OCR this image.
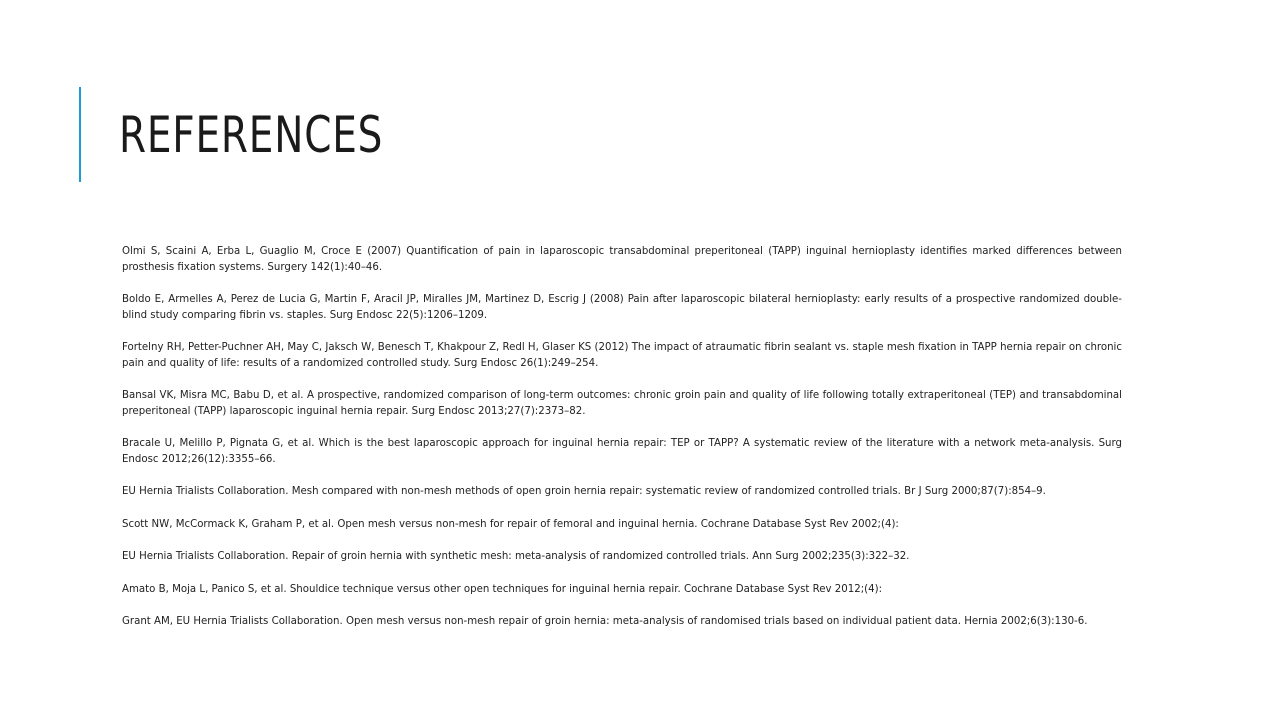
REFERENCES
Olmi S, Scaini A, Erba L, Guaglio M, Croce E (2007) Quantification of pain in laparoscopic transabdominal preperitoneal (TAPP) inguinal hernioplasty identifies marked differences between prosthesis fixation systems. Surgery 142(1):40–46.
Boldo E, Armelles A, Perez de Lucia G, Martin F, Aracil JP, Miralles JM, Martinez D, Escrig J (2008) Pain after laparoscopic bilateral hernioplasty: early results of a prospective randomized double-blind study comparing fibrin vs. staples. Surg Endosc 22(5):1206–1209.
Fortelny RH, Petter-Puchner AH, May C, Jaksch W, Benesch T, Khakpour Z, Redl H, Glaser KS (2012) The impact of atraumatic fibrin sealant vs. staple mesh fixation in TAPP hernia repair on chronic pain and quality of life: results of a randomized controlled study. Surg Endosc 26(1):249–254.
Bansal VK, Misra MC, Babu D, et al. A prospective, randomized comparison of long-term outcomes: chronic groin pain and quality of life following totally extraperitoneal (TEP) and transabdominal preperitoneal (TAPP) laparoscopic inguinal hernia repair. Surg Endosc 2013;27(7):2373–82.
Bracale U, Melillo P, Pignata G, et al. Which is the best laparoscopic approach for inguinal hernia repair: TEP or TAPP? A systematic review of the literature with a network meta-analysis. Surg Endosc 2012;26(12):3355–66.
EU Hernia Trialists Collaboration. Mesh compared with non-mesh methods of open groin hernia repair: systematic review of randomized controlled trials. Br J Surg 2000;87(7):854–9.
Scott NW, McCormack K, Graham P, et al. Open mesh versus non-mesh for repair of femoral and inguinal hernia. Cochrane Database Syst Rev 2002;(4):
EU Hernia Trialists Collaboration. Repair of groin hernia with synthetic mesh: meta-analysis of randomized controlled trials. Ann Surg 2002;235(3):322–32.
Amato B, Moja L, Panico S, et al. Shouldice technique versus other open techniques for inguinal hernia repair. Cochrane Database Syst Rev 2012;(4):
Grant AM, EU Hernia Trialists Collaboration. Open mesh versus non-mesh repair of groin hernia: meta-analysis of randomised trials based on individual patient data. Hernia 2002;6(3):130-6.
